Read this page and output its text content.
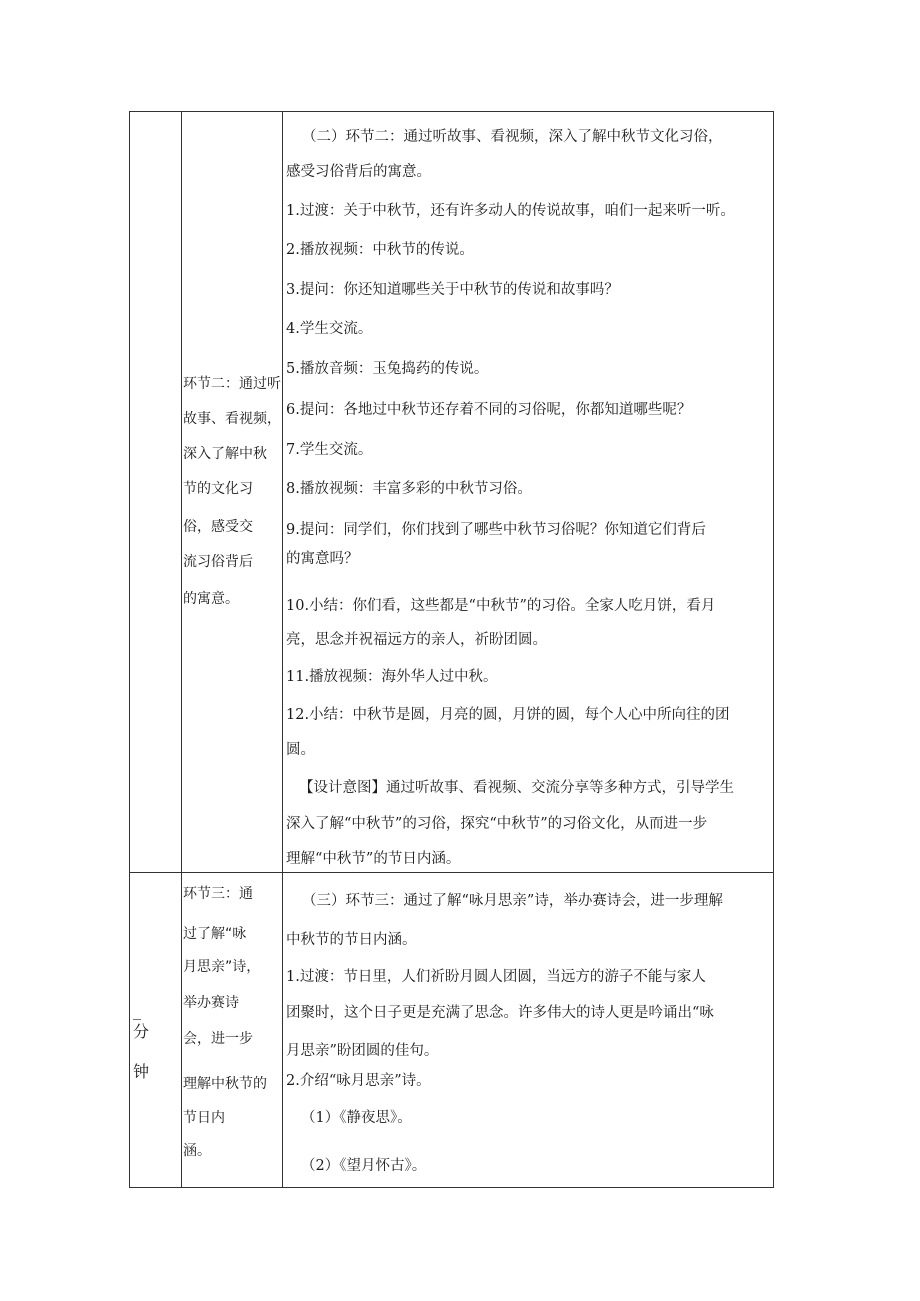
环节二：通过听
故事、看视频，
深入了解中秋
节的文化习
俗，感受交
流习俗背后
的寓意。
（二）环节二：通过听故事、看视频，深入了解中秋节文化习俗，
感受习俗背后的寓意。
1.过渡：关于中秋节，还有许多动人的传说故事，咱们一起来听一听。
2.播放视频：中秋节的传说。
3.提问：你还知道哪些关于中秋节的传说和故事吗？
4.学生交流。
5.播放音频：玉兔捣药的传说。
6.提问：各地过中秋节还存着不同的习俗呢，你都知道哪些呢？
7.学生交流。
8.播放视频：丰富多彩的中秋节习俗。
9.提问：同学们，你们找到了哪些中秋节习俗呢？你知道它们背后
的寓意吗？
10.小结：你们看，这些都是“中秋节”的习俗。全家人吃月饼，看月
亮，思念并祝福远方的亲人，祈盼团圆。
11.播放视频：海外华人过中秋。
12.小结：中秋节是圆，月亮的圆，月饼的圆，每个人心中所向往的团
圆。
【设计意图】通过听故事、看视频、交流分享等多种方式，引导学生
深入了解“中秋节”的习俗，探究“中秋节”的习俗文化，从而进一步
理解“中秋节”的节日内涵。
_
分
钟
环节三：通
过了解“咏
月思亲”诗，
举办赛诗
会，进一步
理解中秋节的
节日内
涵。
（三）环节三：通过了解“咏月思亲”诗，举办赛诗会，进一步理解
中秋节的节日内涵。
1.过渡：节日里，人们祈盼月圆人团圆，当远方的游子不能与家人
团聚时，这个日子更是充满了思念。许多伟大的诗人更是吟诵出“咏
月思亲”盼团圆的佳句。
2.介绍“咏月思亲”诗。
（1）《静夜思》。
（2）《望月怀古》。
